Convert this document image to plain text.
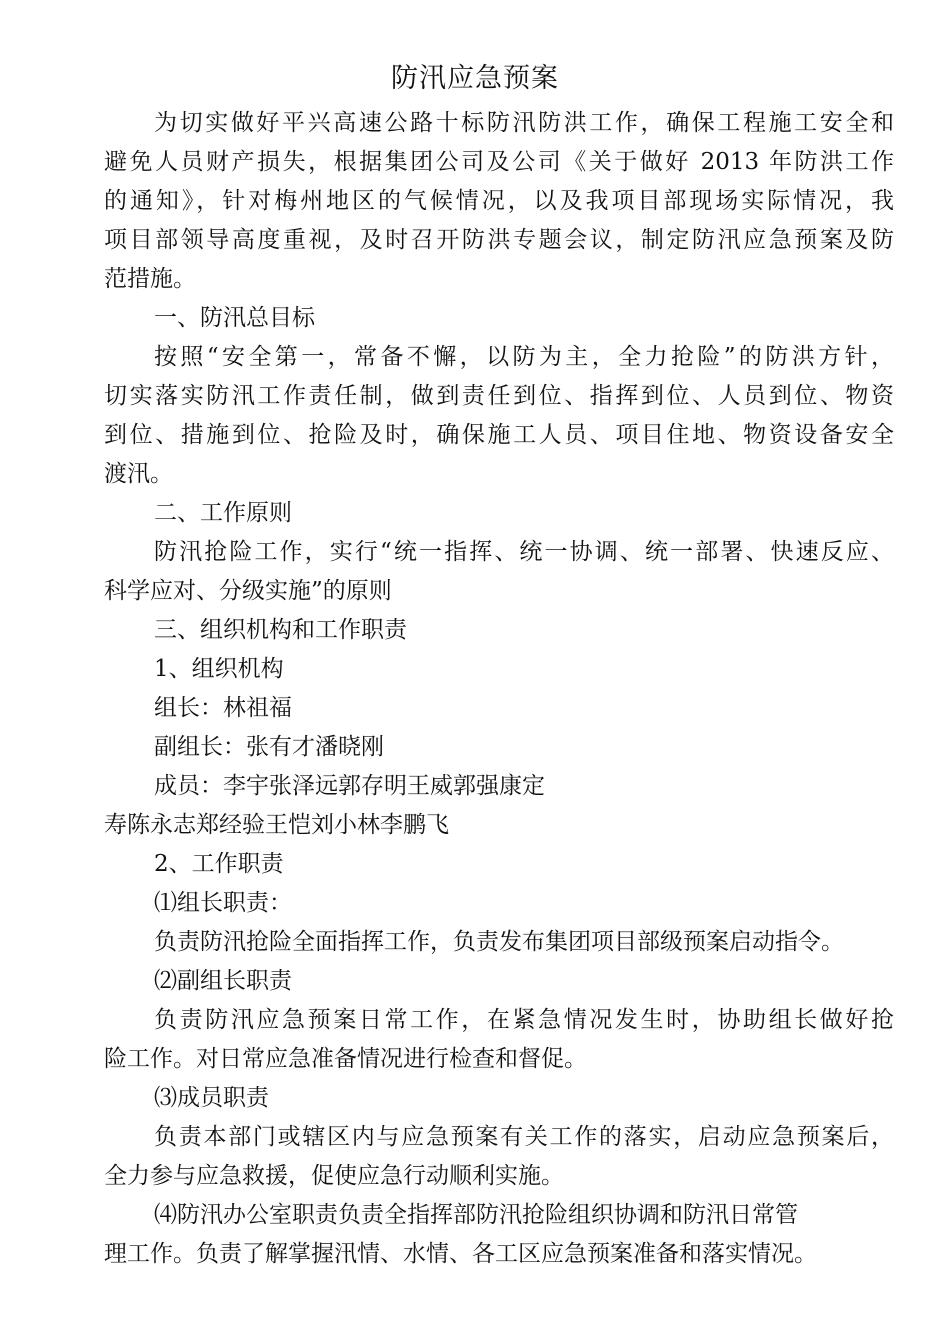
防汛应急预案
为切实做好平兴高速公路十标防汛防洪工作，确保工程施工安全和
避免人员财产损失，根据集团公司及公司《关于做好 2013 年防洪工作
的通知》，针对梅州地区的气候情况，以及我项目部现场实际情况，我
项目部领导高度重视，及时召开防洪专题会议，制定防汛应急预案及防
范措施。
一、防汛总目标
按照“安全第一，常备不懈，以防为主，全力抢险”的防洪方针，
切实落实防汛工作责任制，做到责任到位、指挥到位、人员到位、物资
到位、措施到位、抢险及时，确保施工人员、项目住地、物资设备安全
渡汛。
二、工作原则
防汛抢险工作，实行“统一指挥、统一协调、统一部署、快速反应、
科学应对、分级实施”的原则
三、组织机构和工作职责
1、组织机构
组长：林祖福
副组长：张有才潘晓刚
成员：李宇张泽远郭存明王威郭强康定
寿陈永志郑经验王恺刘小林李鹏飞
2、工作职责
⑴组长职责：
负责防汛抢险全面指挥工作，负责发布集团项目部级预案启动指令。
⑵副组长职责
负责防汛应急预案日常工作，在紧急情况发生时，协助组长做好抢
险工作。对日常应急准备情况进行检查和督促。
⑶成员职责
负责本部门或辖区内与应急预案有关工作的落实，启动应急预案后，
全力参与应急救援，促使应急行动顺利实施。
⑷防汛办公室职责负责全指挥部防汛抢险组织协调和防汛日常管
理工作。负责了解掌握汛情、水情、各工区应急预案准备和落实情况。
